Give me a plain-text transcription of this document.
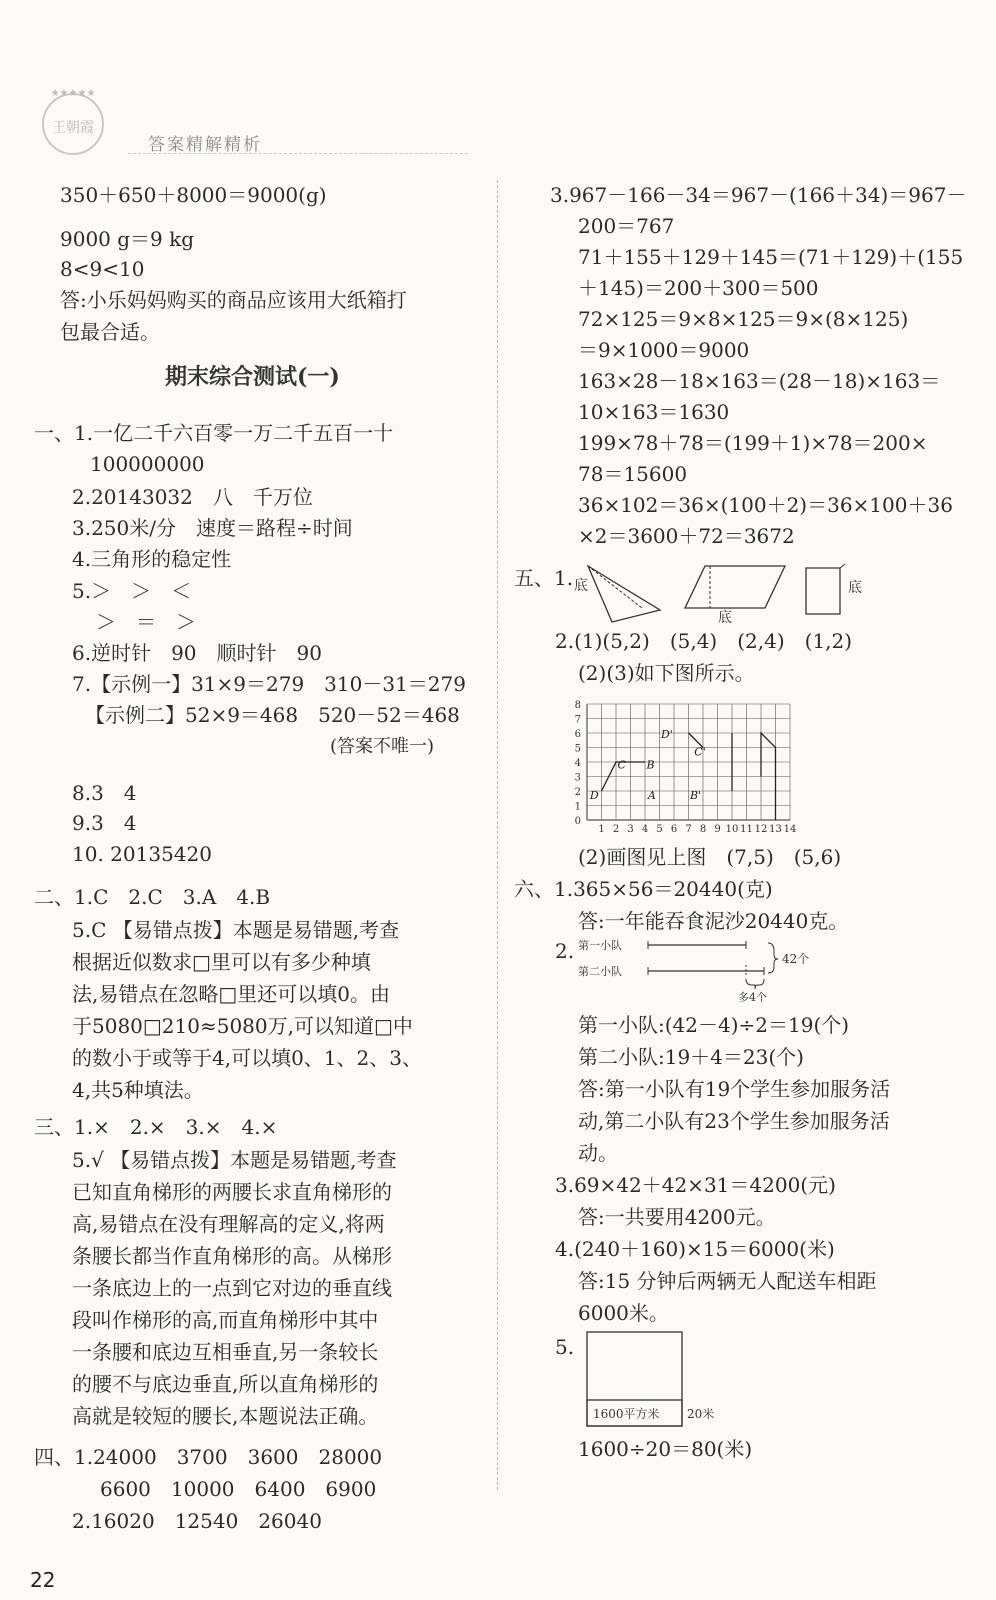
★★★★★
王朝霞
答案精解精析
350＋650＋8000＝9000(g)
9000 g＝9 kg
8<9<10
答:小乐妈妈购买的商品应该用大纸箱打
包最合适。
期末综合测试(一)
一、1.一亿二千六百零一万二千五百一十
100000000
2.20143032　八　千万位
3.250米/分　速度＝路程÷时间
4.三角形的稳定性
5.＞　＞　＜
＞　＝　＞
6.逆时针　90　顺时针　90
7.【示例一】31×9＝279　310－31＝279
【示例二】52×9＝468　520－52＝468
(答案不唯一)
8.3　4
9.3　4
10. 20135420
二、1.C　2.C　3.A　4.B
5.C 【易错点拨】本题是易错题,考查
根据近似数求□里可以有多少种填
法,易错点在忽略□里还可以填0。由
于5080□210≈5080万,可以知道□中
的数小于或等于4,可以填0、1、2、3、
4,共5种填法。
三、1.×　2.×　3.×　4.×
5.√ 【易错点拨】本题是易错题,考查
已知直角梯形的两腰长求直角梯形的
高,易错点在没有理解高的定义,将两
条腰长都当作直角梯形的高。从梯形
一条底边上的一点到它对边的垂直线
段叫作梯形的高,而直角梯形中其中
一条腰和底边互相垂直,另一条较长
的腰不与底边垂直,所以直角梯形的
高就是较短的腰长,本题说法正确。
四、1.24000　3700　3600　28000
6600　10000　6400　6900
2.16020　12540　26040
3.967－166－34＝967－(166＋34)＝967－
200＝767
71＋155＋129＋145＝(71＋129)＋(155
＋145)＝200＋300＝500
72×125＝9×8×125＝9×(8×125)
＝9×1000＝9000
163×28－18×163＝(28－18)×163＝
10×163＝1630
199×78＋78＝(199＋1)×78＝200×
78＝15600
36×102＝36×(100＋2)＝36×100＋36
×2＝3600＋72＝3672
五、1. 底
底
底
2.(1)(5,2)　(5,4)　(2,4)　(1,2)
(2)(3)如下图所示。
1 2 3 4 5 6 7 8 9 10 11 12 13 14
0
1
2
3
4
5
6
7
8
D
C B
A	B'
C'
D'
(2)画图见上图　(7,5)　(5,6)
六、1.365×56＝20440(克)
答:一年能吞食泥沙20440克。
2. 第一小队
第二小队
42个
多4个
第一小队:(42－4)÷2＝19(个)
第二小队:19＋4＝23(个)
答:第一小队有19个学生参加服务活
动,第二小队有23个学生参加服务活
动。
3.69×42＋42×31＝4200(元)
答:一共要用4200元。
4.(240＋160)×15＝6000(米)
答:15 分钟后两辆无人配送车相距
6000米。
5.
1600平方米 20米
1600÷20＝80(米)
22
